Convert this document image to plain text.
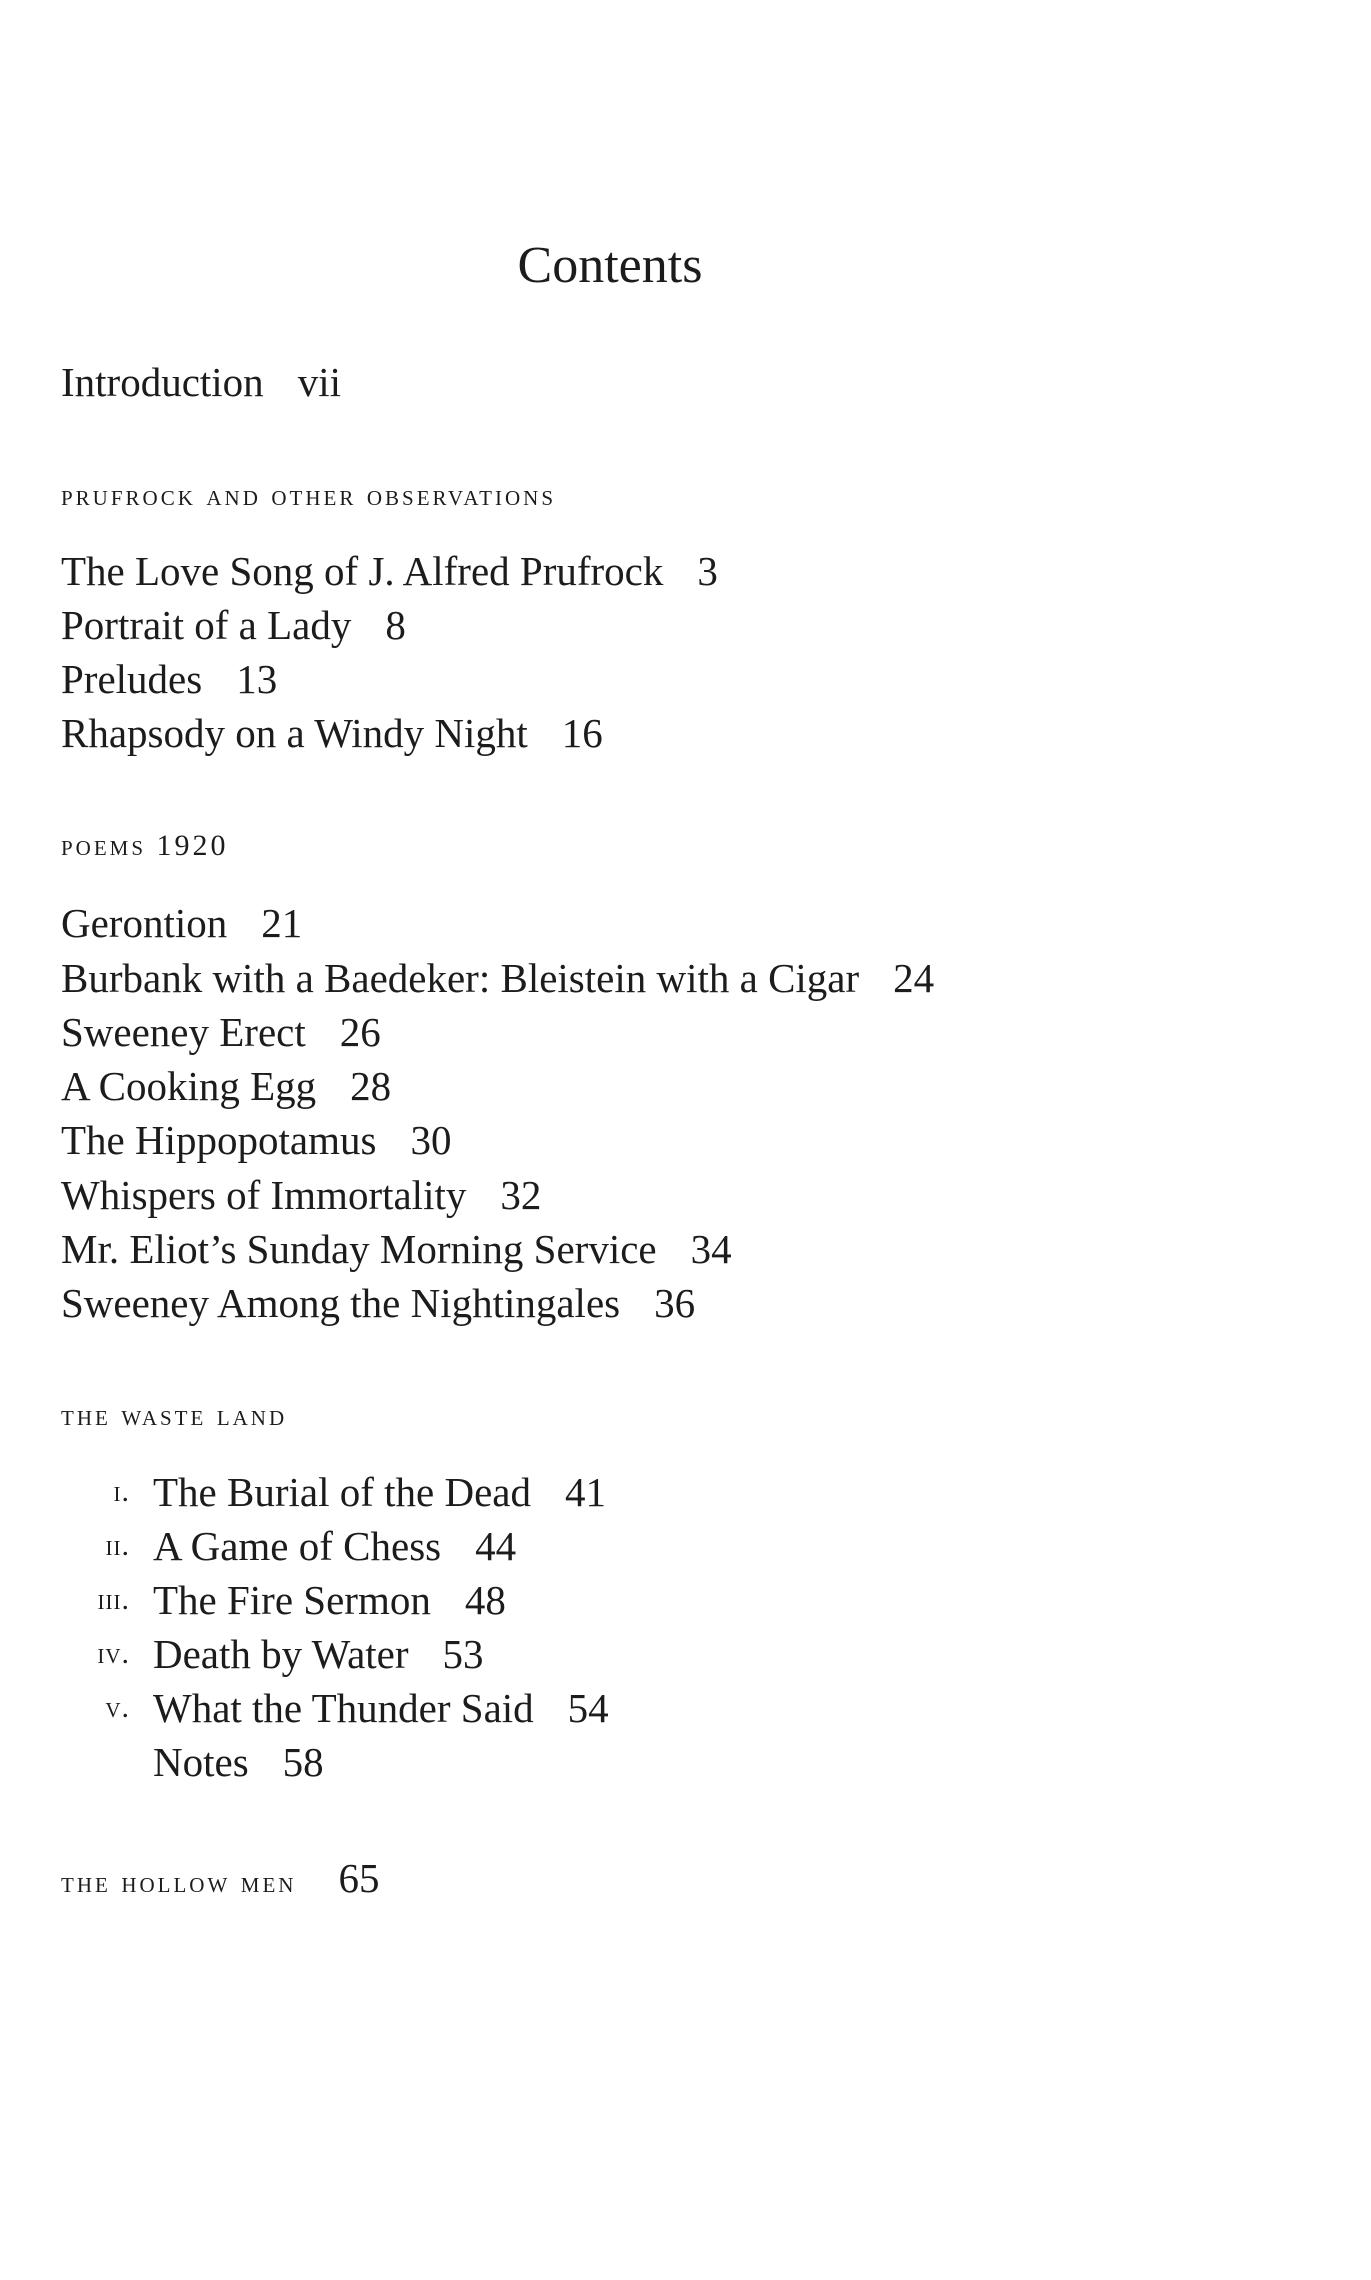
Contents
Introduction vii
prufrock and other observations
The Love Song of J. Alfred Prufrock 3
Portrait of a Lady 8
Preludes 13
Rhapsody on a Windy Night 16
poems 1920
Gerontion 21
Burbank with a Baedeker: Bleistein with a Cigar 24
Sweeney Erect 26
A Cooking Egg 28
The Hippopotamus 30
Whispers of Immortality 32
Mr. Eliot’s Sunday Morning Service 34
Sweeney Among the Nightingales 36
the waste land
i. The Burial of the Dead 41
ii. A Game of Chess 44
iii. The Fire Sermon 48
iv. Death by Water 53
v. What the Thunder Said 54
Notes 58
the hollow men 65
